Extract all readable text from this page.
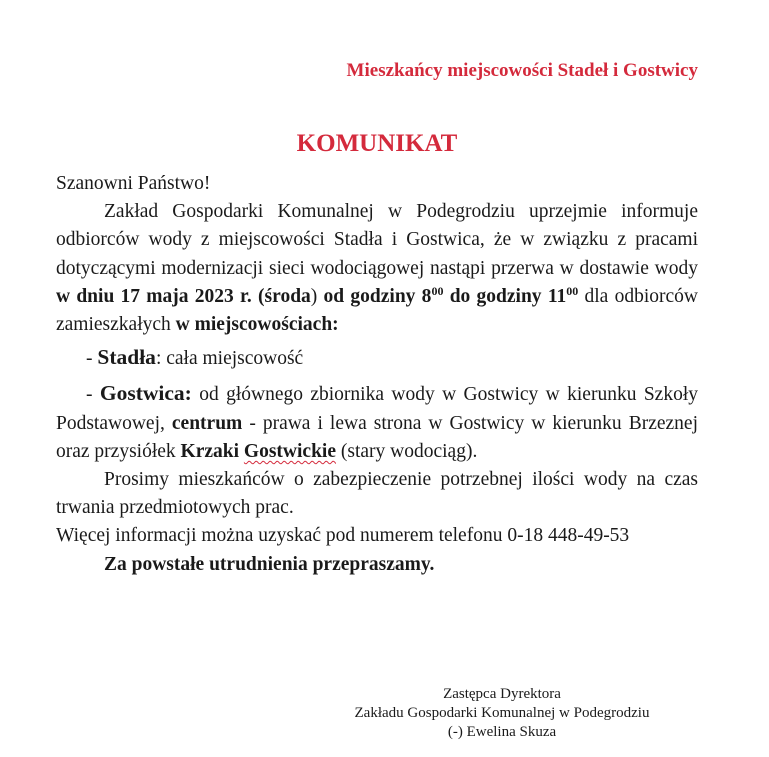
Mieszkańcy miejscowości Stadeł i Gostwicy
KOMUNIKAT

Szanowni Państwo!

Zakład Gospodarki Komunalnej w Podegrodziu uprzejmie informuje odbiorców wody z miejscowości Stadła i Gostwica, że w związku z pracami dotyczącymi modernizacji sieci wodociągowej nastąpi przerwa w dostawie wody w dniu 17 maja 2023 r. (środa) od godziny $8^{00}$ do godziny $11^{00}$ dla odbiorców zamieszkałych w miejscowościach:

- Stadła: cała miejscowość

- Gostwica: od głównego zbiornika wody w Gostwicy w kierunku Szkoły Podstawowej, centrum - prawa i lewa strona w Gostwicy w kierunku Brzeznej oraz przysiółek Krzaki Gostwickie (stary wodociąg).

Prosimy mieszkańców o zabezpieczenie potrzebnej ilości wody na czas trwania przedmiotowych prac.

Więcej informacji można uzyskać pod numerem telefonu 0-18 448-49-53

Za powstałe utrudnienia przepraszamy.

Zastępca Dyrektora
Zakładu Gospodarki Komunalnej w Podegrodziu
(-) Ewelina Skuza
